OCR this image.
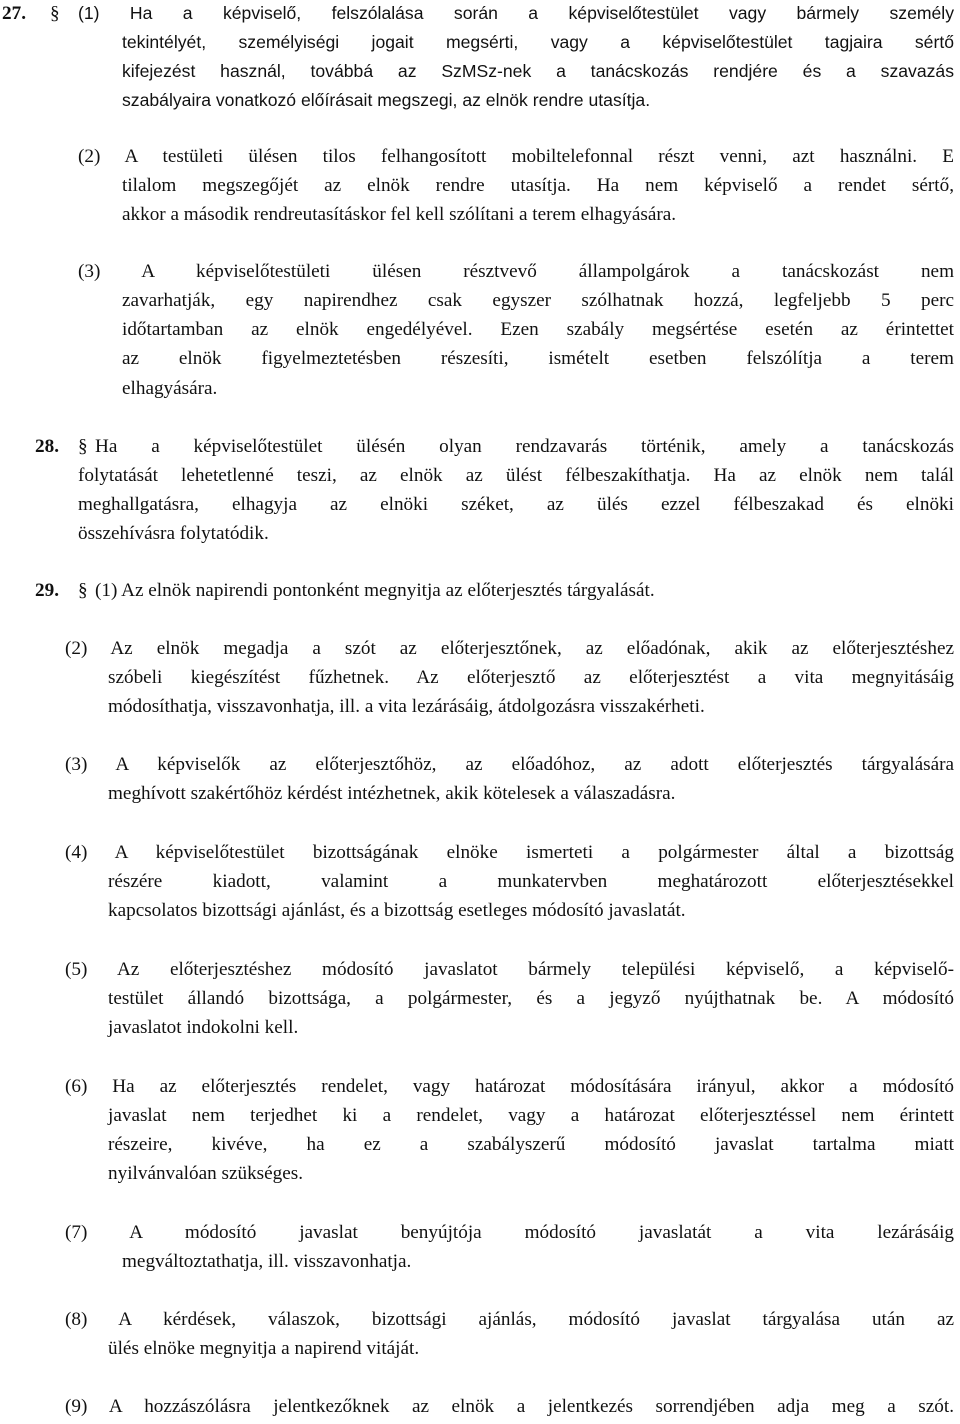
27. § (1) Ha a képviselő, felszólalása során a képviselőtestület vagy bármely személy
tekintélyét, személyiségi jogait megsérti, vagy a képviselőtestület tagjaira sértő
kifejezést használ, továbbá az SzMSz-nek a tanácskozás rendjére és a szavazás
szabályaira vonatkozó előírásait megszegi, az elnök rendre utasítja.
(2) A testületi ülésen tilos felhangosított mobiltelefonnal részt venni, azt használni. E
tilalom megszegőjét az elnök rendre utasítja. Ha nem képviselő a rendet sértő,
akkor a második rendreutasításkor fel kell szólítani a terem elhagyására.
(3) A képviselőtestületi ülésen résztvevő állampolgárok a tanácskozást nem
zavarhatják, egy napirendhez csak egyszer szólhatnak hozzá, legfeljebb 5 perc
időtartamban az elnök engedélyével. Ezen szabály megsértése esetén az érintettet
az elnök figyelmeztetésben részesíti, ismételt esetben felszólítja a terem
elhagyására.
28. § Ha a képviselőtestület ülésén olyan rendzavarás történik, amely a tanácskozás
folytatását lehetetlenné teszi, az elnök az ülést félbeszakíthatja. Ha az elnök nem talál
meghallgatásra, elhagyja az elnöki széket, az ülés ezzel félbeszakad és elnöki
összehívásra folytatódik.
29. § (1) Az elnök napirendi pontonként megnyitja az előterjesztés tárgyalását.
(2) Az elnök megadja a szót az előterjesztőnek, az előadónak, akik az előterjesztéshez
szóbeli kiegészítést fűzhetnek. Az előterjesztő az előterjesztést a vita megnyitásáig
módosíthatja, visszavonhatja, ill. a vita lezárásáig, átdolgozásra visszakérheti.
(3) A képviselők az előterjesztőhöz, az előadóhoz, az adott előterjesztés tárgyalására
meghívott szakértőhöz kérdést intézhetnek, akik kötelesek a válaszadásra.
(4) A képviselőtestület bizottságának elnöke ismerteti a polgármester által a bizottság
részére kiadott, valamint a munkatervben meghatározott előterjesztésekkel
kapcsolatos bizottsági ajánlást, és a bizottság esetleges módosító javaslatát.
(5) Az előterjesztéshez módosító javaslatot bármely települési képviselő, a képviselő-
testület állandó bizottsága, a polgármester, és a jegyző nyújthatnak be. A módosító
javaslatot indokolni kell.
(6) Ha az előterjesztés rendelet, vagy határozat módosítására irányul, akkor a módosító
javaslat nem terjedhet ki a rendelet, vagy a határozat előterjesztéssel nem érintett
részeire, kivéve, ha ez a szabályszerű módosító javaslat tartalma miatt
nyilvánvalóan szükséges.
(7) A módosító javaslat benyújtója módosító javaslatát a vita lezárásáig
megváltoztathatja, ill. visszavonhatja.
(8) A kérdések, válaszok, bizottsági ajánlás, módosító javaslat tárgyalása után az
ülés elnöke megnyitja a napirend vitáját.
(9) A hozzászólásra jelentkezőknek az elnök a jelentkezés sorrendjében adja meg a szót.
